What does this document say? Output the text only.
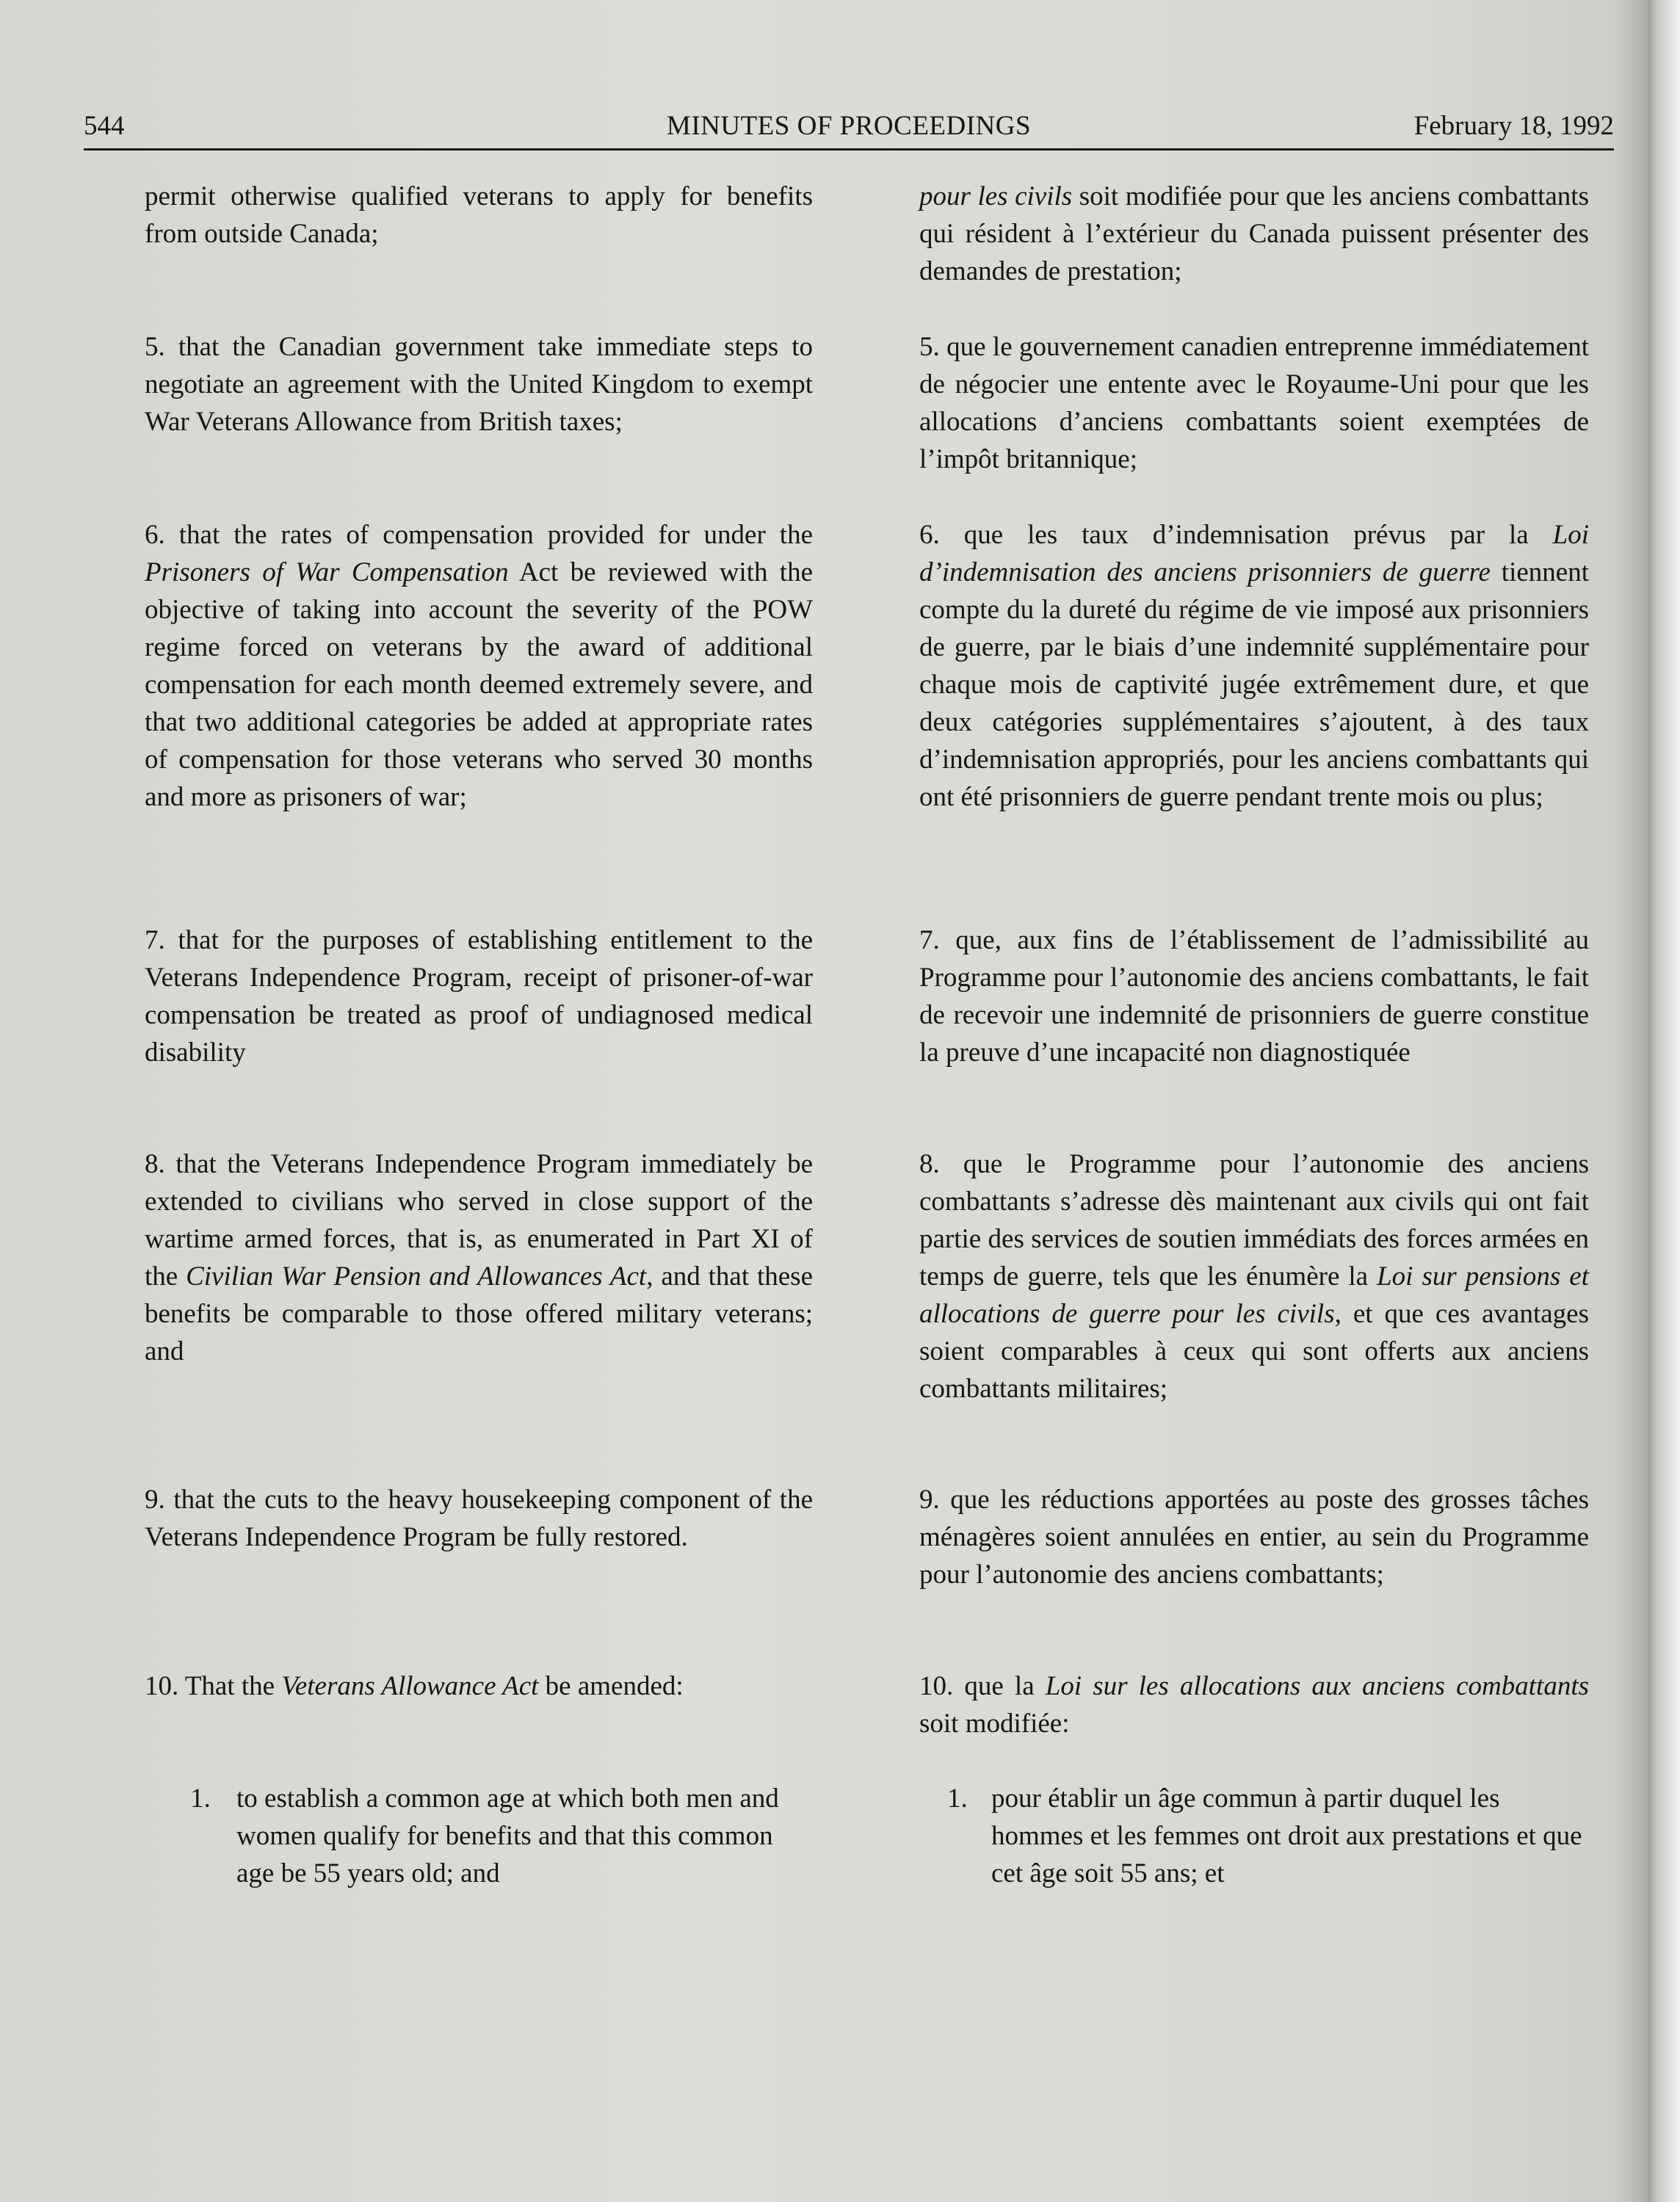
544	MINUTES OF PROCEEDINGS	February 18, 1992

permit otherwise qualified veterans to apply for benefits from outside Canada;

5. that the Canadian government take immediate steps to negotiate an agreement with the United Kingdom to exempt War Veterans Allowance from British taxes;

6. that the rates of compensation provided for under the Prisoners of War Compensation Act be reviewed with the objective of taking into account the severity of the POW regime forced on veterans by the award of additional compensation for each month deemed extremely severe, and that two additional categories be added at appropriate rates of compensation for those veterans who served 30 months and more as prisoners of war;

7. that for the purposes of establishing entitlement to the Veterans Independence Program, receipt of prisoner-of-war compensation be treated as proof of undiagnosed medical disability

8. that the Veterans Independence Program immediately be extended to civilians who served in close support of the wartime armed forces, that is, as enumerated in Part XI of the Civilian War Pension and Allowances Act, and that these benefits be comparable to those offered military veterans; and

9. that the cuts to the heavy housekeeping component of the Veterans Independence Program be fully restored.

10. That the Veterans Allowance Act be amended:

1. to establish a common age at which both men and women qualify for benefits and that this common age be 55 years old; and

pour les civils soit modifiée pour que les anciens combattants qui résident à l’extérieur du Canada puissent présenter des demandes de prestation;

5. que le gouvernement canadien entreprenne immédiatement de négocier une entente avec le Royaume-Uni pour que les allocations d’anciens combattants soient exemptées de l’impôt britannique;

6. que les taux d’indemnisation prévus par la Loi d’indemnisation des anciens prisonniers de guerre tiennent compte du la dureté du régime de vie imposé aux prisonniers de guerre, par le biais d’une indemnité supplémentaire pour chaque mois de captivité jugée extrêmement dure, et que deux catégories supplémentaires s’ajoutent, à des taux d’indemnisation appropriés, pour les anciens combattants qui ont été prisonniers de guerre pendant trente mois ou plus;

7. que, aux fins de l’établissement de l’admissibilité au Programme pour l’autonomie des anciens combattants, le fait de recevoir une indemnité de prisonniers de guerre constitue la preuve d’une incapacité non diagnostiquée

8. que le Programme pour l’autonomie des anciens combattants s’adresse dès maintenant aux civils qui ont fait partie des services de soutien immédiats des forces armées en temps de guerre, tels que les énumère la Loi sur pensions et allocations de guerre pour les civils, et que ces avantages soient comparables à ceux qui sont offerts aux anciens combattants militaires;

9. que les réductions apportées au poste des grosses tâches ménagères soient annulées en entier, au sein du Programme pour l’autonomie des anciens combattants;

10. que la Loi sur les allocations aux anciens combattants soit modifiée:

1. pour établir un âge commun à partir duquel les hommes et les femmes ont droit aux prestations et que cet âge soit 55 ans; et
